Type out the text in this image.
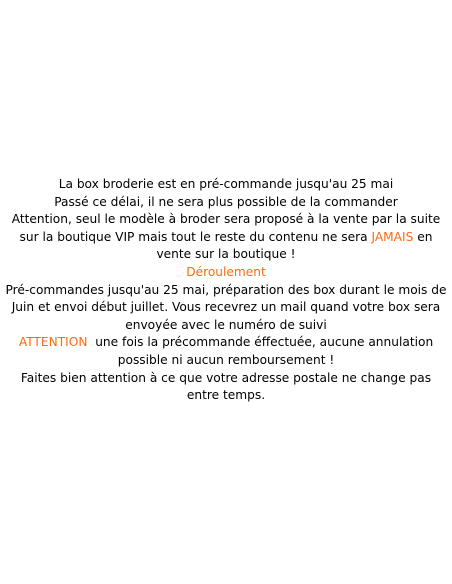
La box broderie est en pré-commande jusqu'au 25 mai
Passé ce délai, il ne sera plus possible de la commander
Attention, seul le modèle à broder sera proposé à la vente par la suite
sur la boutique VIP mais tout le reste du contenu ne sera JAMAIS en
vente sur la boutique !
Déroulement
Pré-commandes jusqu'au 25 mai, préparation des box durant le mois de
Juin et envoi début juillet. Vous recevrez un mail quand votre box sera
envoyée avec le numéro de suivi
ATTENTION  une fois la précommande éffectuée, aucune annulation
possible ni aucun remboursement !
Faites bien attention à ce que votre adresse postale ne change pas
entre temps.
